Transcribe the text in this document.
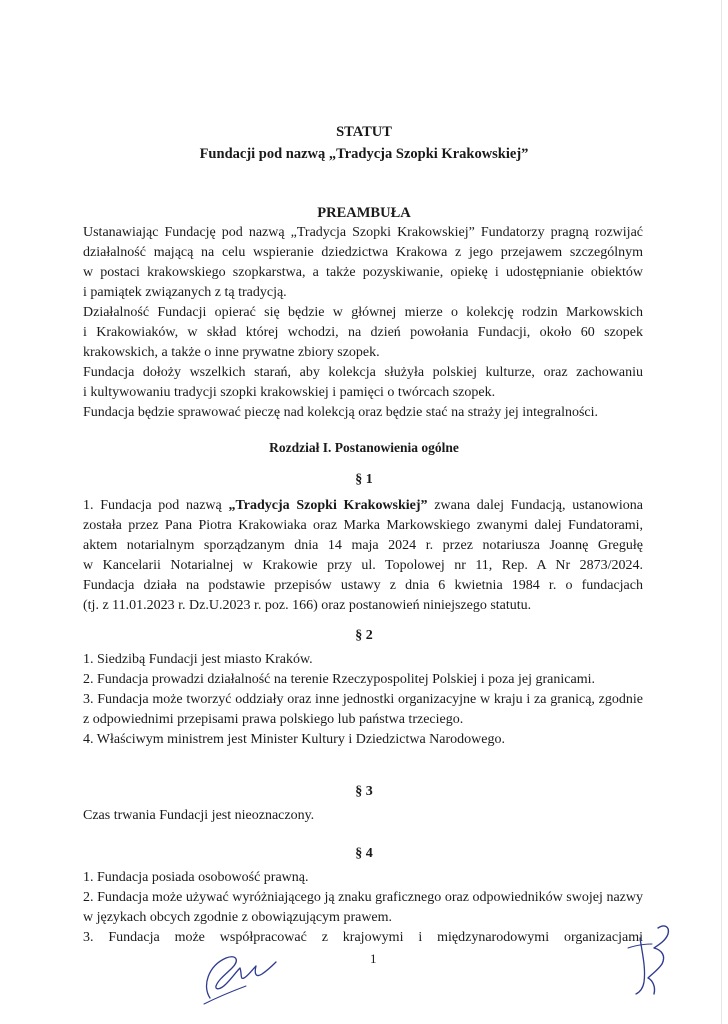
STATUT
Fundacji pod nazwą „Tradycja Szopki Krakowskiej”
PREAMBUŁA
Ustanawiając Fundację pod nazwą „Tradycja Szopki Krakowskiej” Fundatorzy pragną rozwijać
działalność mającą na celu wspieranie dziedzictwa Krakowa z jego przejawem szczególnym
w postaci krakowskiego szopkarstwa, a także pozyskiwanie, opiekę i udostępnianie obiektów
i pamiątek związanych z tą tradycją.
Działalność Fundacji opierać się będzie w głównej mierze o kolekcję rodzin Markowskich
i Krakowiaków, w skład której wchodzi, na dzień powołania Fundacji, około 60 szopek
krakowskich, a także o inne prywatne zbiory szopek.
Fundacja dołoży wszelkich starań, aby kolekcja służyła polskiej kulturze, oraz zachowaniu
i kultywowaniu tradycji szopki krakowskiej i pamięci o twórcach szopek.
Fundacja będzie sprawować pieczę nad kolekcją oraz będzie stać na straży jej integralności.
Rozdział I. Postanowienia ogólne
§ 1
1. Fundacja pod nazwą „Tradycja Szopki Krakowskiej” zwana dalej Fundacją, ustanowiona
została przez Pana Piotra Krakowiaka oraz Marka Markowskiego zwanymi dalej Fundatorami,
aktem notarialnym sporządzanym dnia 14 maja 2024 r. przez notariusza Joannę Gregułę
w Kancelarii Notarialnej w Krakowie przy ul. Topolowej nr 11, Rep. A Nr 2873/2024.
Fundacja działa na podstawie przepisów ustawy z dnia 6 kwietnia 1984 r. o fundacjach
(tj. z 11.01.2023 r. Dz.U.2023 r. poz. 166) oraz postanowień niniejszego statutu.
§ 2
1. Siedzibą Fundacji jest miasto Kraków.
2. Fundacja prowadzi działalność na terenie Rzeczypospolitej Polskiej i poza jej granicami.
3. Fundacja może tworzyć oddziały oraz inne jednostki organizacyjne w kraju i za granicą, zgodnie
z odpowiednimi przepisami prawa polskiego lub państwa trzeciego.
4. Właściwym ministrem jest Minister Kultury i Dziedzictwa Narodowego.
§ 3
Czas trwania Fundacji jest nieoznaczony.
§ 4
1. Fundacja posiada osobowość prawną.
2. Fundacja może używać wyróżniającego ją znaku graficznego oraz odpowiedników swojej nazwy
w językach obcych zgodnie z obowiązującym prawem.
3. Fundacja może współpracować z krajowymi i międzynarodowymi organizacjami
1
